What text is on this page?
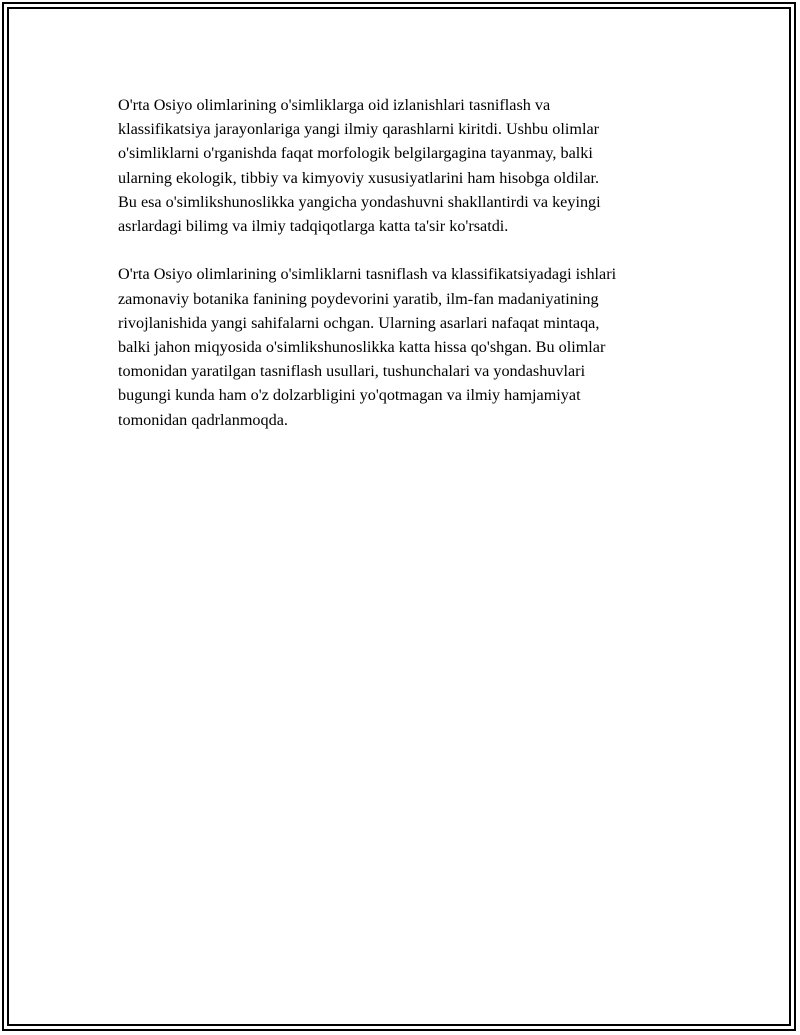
O'rta Osiyo olimlarining o'simliklarga oid izlanishlari tasniflash va
klassifikatsiya jarayonlariga yangi ilmiy qarashlarni kiritdi. Ushbu olimlar
o'simliklarni o'rganishda faqat morfologik belgilargagina tayanmay, balki
ularning ekologik, tibbiy va kimyoviy xususiyatlarini ham hisobga oldilar.
Bu esa o'simlikshunoslikka yangicha yondashuvni shakllantirdi va keyingi
asrlardagi bilimg va ilmiy tadqiqotlarga katta ta'sir ko'rsatdi.

O'rta Osiyo olimlarining o'simliklarni tasniflash va klassifikatsiyadagi ishlari
zamonaviy botanika fanining poydevorini yaratib, ilm-fan madaniyatining
rivojlanishida yangi sahifalarni ochgan. Ularning asarlari nafaqat mintaqa,
balki jahon miqyosida o'simlikshunoslikka katta hissa qo'shgan. Bu olimlar
tomonidan yaratilgan tasniflash usullari, tushunchalari va yondashuvlari
bugungi kunda ham o'z dolzarbligini yo'qotmagan va ilmiy hamjamiyat
tomonidan qadrlanmoqda.
